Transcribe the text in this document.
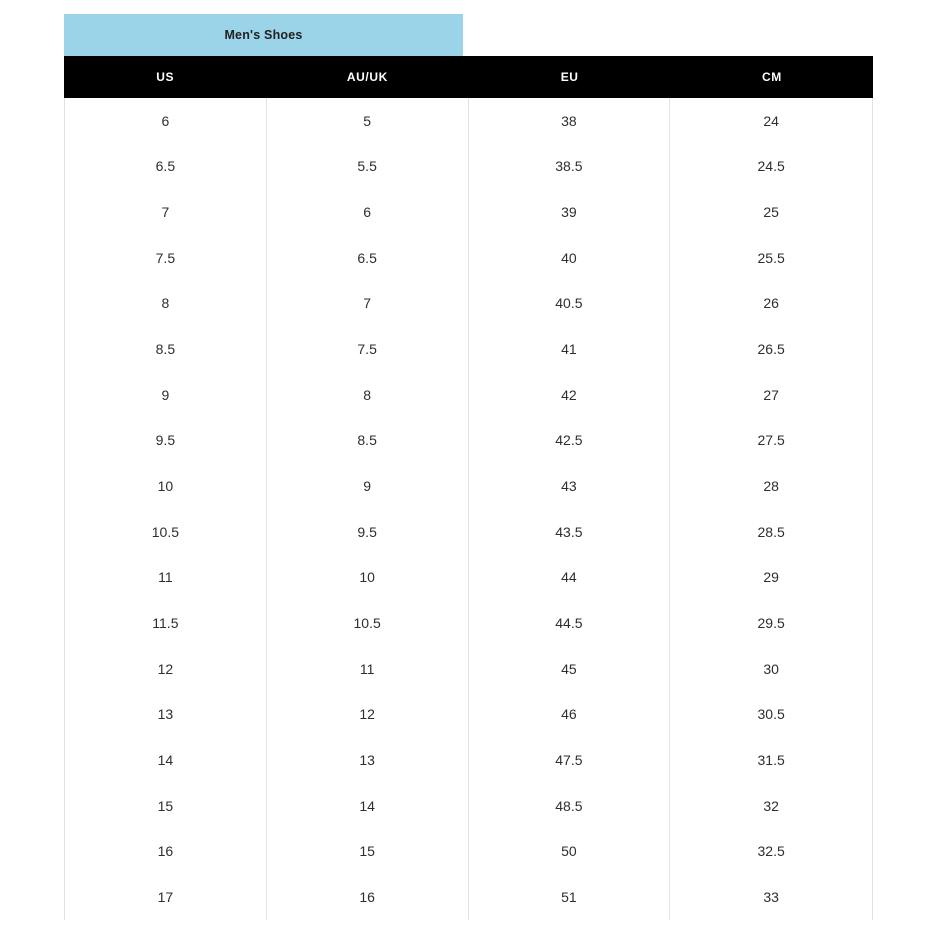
Men's Shoes
US	AU/UK	EU	CM
6	5	38	24
6.5	5.5	38.5	24.5
7	6	39	25
7.5	6.5	40	25.5
8	7	40.5	26
8.5	7.5	41	26.5
9	8	42	27
9.5	8.5	42.5	27.5
10	9	43	28
10.5	9.5	43.5	28.5
11	10	44	29
11.5	10.5	44.5	29.5
12	11	45	30
13	12	46	30.5
14	13	47.5	31.5
15	14	48.5	32
16	15	50	32.5
17	16	51	33
